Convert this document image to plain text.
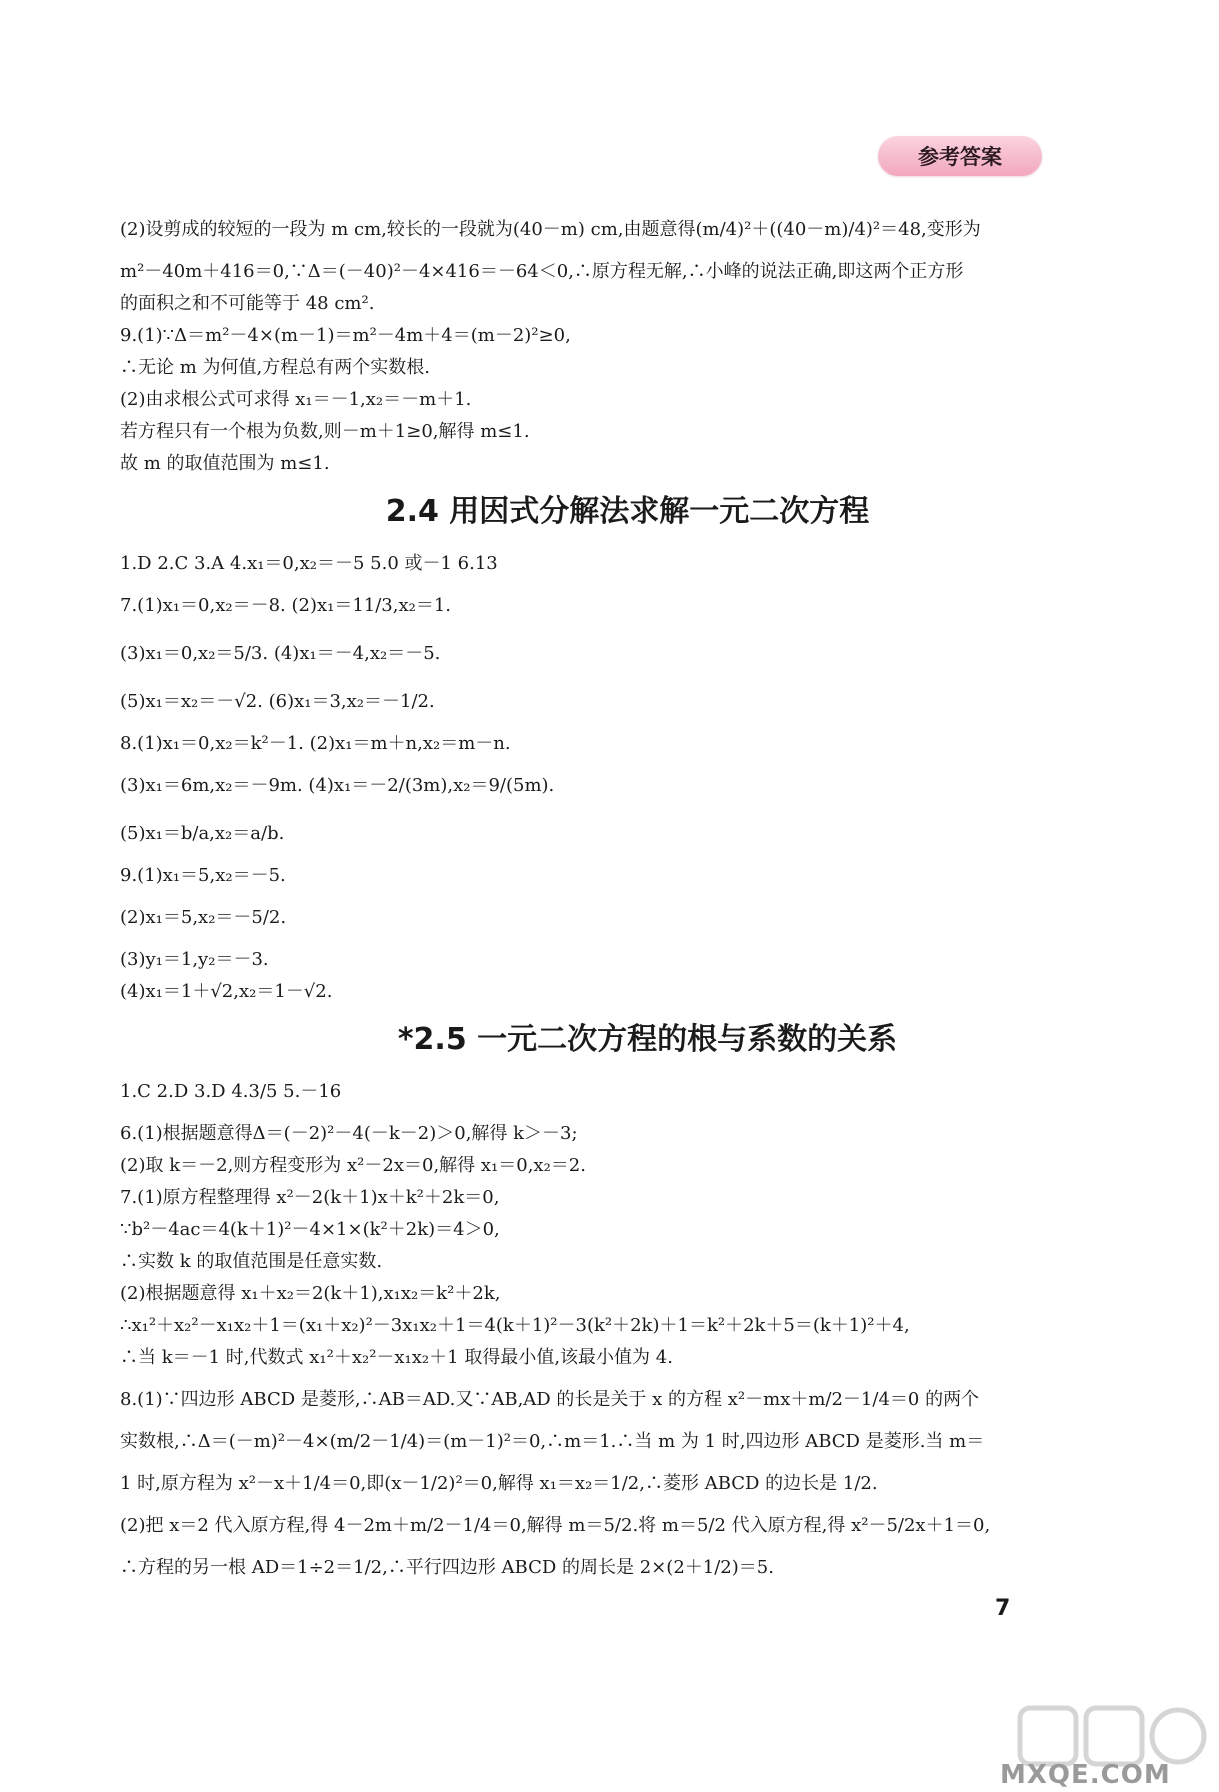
参考答案

(2)设剪成的较短的一段为 m cm,较长的一段就为(40－m) cm,由题意得(m/4)²＋((40－m)/4)²＝48,变形为

m²－40m＋416＝0,∵Δ＝(－40)²－4×416＝－64＜0,∴原方程无解,∴小峰的说法正确,即这两个正方形

的面积之和不可能等于 48 cm².

9.(1)∵Δ＝m²－4×(m－1)＝m²－4m＋4＝(m－2)²≥0,

∴无论 m 为何值,方程总有两个实数根.

(2)由求根公式可求得 x₁＝－1,x₂＝－m＋1.

若方程只有一个根为负数,则－m＋1≥0,解得 m≤1.

故 m 的取值范围为 m≤1.

2.4 用因式分解法求解一元二次方程

1.D 2.C 3.A 4.x₁＝0,x₂＝－5 5.0 或－1 6.13

7.(1)x₁＝0,x₂＝－8. (2)x₁＝11/3,x₂＝1.

(3)x₁＝0,x₂＝5/3. (4)x₁＝－4,x₂＝－5.

(5)x₁＝x₂＝－√2. (6)x₁＝3,x₂＝－1/2.

8.(1)x₁＝0,x₂＝k²－1. (2)x₁＝m＋n,x₂＝m－n.

(3)x₁＝6m,x₂＝－9m. (4)x₁＝－2/(3m),x₂＝9/(5m).

(5)x₁＝b/a,x₂＝a/b.

9.(1)x₁＝5,x₂＝－5.

(2)x₁＝5,x₂＝－5/2.

(3)y₁＝1,y₂＝－3.

(4)x₁＝1＋√2,x₂＝1－√2.

*2.5 一元二次方程的根与系数的关系

1.C 2.D 3.D 4.3/5 5.－16

6.(1)根据题意得Δ＝(－2)²－4(－k－2)＞0,解得 k＞－3;

(2)取 k＝－2,则方程变形为 x²－2x＝0,解得 x₁＝0,x₂＝2.

7.(1)原方程整理得 x²－2(k＋1)x＋k²＋2k＝0,

∵b²－4ac＝4(k＋1)²－4×1×(k²＋2k)＝4＞0,

∴实数 k 的取值范围是任意实数.

(2)根据题意得 x₁＋x₂＝2(k＋1),x₁x₂＝k²＋2k,

∴x₁²＋x₂²－x₁x₂＋1＝(x₁＋x₂)²－3x₁x₂＋1＝4(k＋1)²－3(k²＋2k)＋1＝k²＋2k＋5＝(k＋1)²＋4,

∴当 k＝－1 时,代数式 x₁²＋x₂²－x₁x₂＋1 取得最小值,该最小值为 4.

8.(1)∵四边形 ABCD 是菱形,∴AB＝AD.又∵AB,AD 的长是关于 x 的方程 x²－mx＋m/2－1/4＝0 的两个

实数根,∴Δ＝(－m)²－4×(m/2－1/4)＝(m－1)²＝0,∴m＝1.∴当 m 为 1 时,四边形 ABCD 是菱形.当 m＝

1 时,原方程为 x²－x＋1/4＝0,即(x－1/2)²＝0,解得 x₁＝x₂＝1/2,∴菱形 ABCD 的边长是 1/2.

(2)把 x＝2 代入原方程,得 4－2m＋m/2－1/4＝0,解得 m＝5/2.将 m＝5/2 代入原方程,得 x²－5/2x＋1＝0,

∴方程的另一根 AD＝1÷2＝1/2,∴平行四边形 ABCD 的周长是 2×(2＋1/2)＝5.

7
MXQE.COM
